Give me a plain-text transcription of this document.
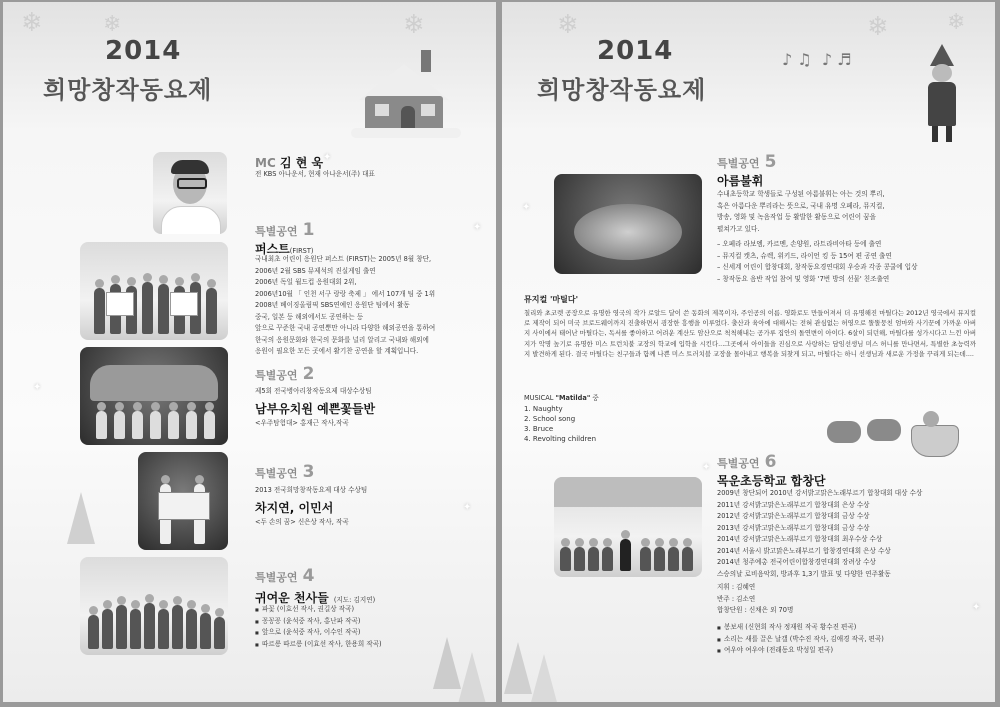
❄	❄	❄
✦
✦
✦
✦
2014
희망창작동요제
MC 김 현 욱
전 KBS 아나운서, 현재 아나운서(주) 대표
특별공연 1
퍼스트(FIRST)
국내최초 어린이 응원단 퍼스트 (FIRST)는 2005년 8월 창단,
2006년 2월 SBS 뮤제석의 진실게임 출연
2006년 독일 월드컵 응원대회 2위,
2006년10월 「 인천 서구 랑랑 축제 」 에서 107개 팀 중 1위
2008년 베이징올림픽 SBS연예인 응원단 팀에서 활동
중국, 일본 등 해외에서도 공연하는 등
앞으로 꾸준한 국내 공연뿐만 아니라 다양한 해외공연을 통하여
한국의 응원문화와 한국의 문화를 널리 알리고 국내와 해외에
응원이 필요한 모든 곳에서 활기찬 공연을 할 계획입니다.
특별공연 2
제5회 전국병아리창작동요제 대상수상팀
남부유치원 예쁜꽃들반
<우주탐험대> 홍재근 작사,작곡
특별공연 3
2013 전국희망창작동요제 대상 수상팀
차지연, 이민서
<두 손의 꿈> 신은상 작사, 작곡
특별공연 4
귀여운 천사들 (지도: 김지연)
■ 파꽃 (이효선 작사, 권길상 작곡)
■ 꽁꽁꽁 (윤석중 작사, 홍난파 작곡)
■ 앞으로 (윤석중 작사, 이수인 작곡)
■ 따르릉 따르릉 (이효선 작사, 한용희 작곡)
❄	❄	❄
✦
✦
✦
2014
희망창작동요제
♪ ♫  ♪ ♬
특별공연 5
아름불휘
수내초등학교 학생들로 구성된 아름불휘는 아는 것의 뿌리,
혹은 아름다운 뿌리라는 뜻으로, 국내 유명 오페라, 뮤지컬,
방송, 영화 및 녹음작업 등 활발한 활동으로 어린이 꿈을
펼쳐가고 있다.
– 오페라 라보엠, 카르멘, 손양원, 라트라비아타 등에 출연
– 뮤지컬 캣츠, 슈렉, 위키드, 라이언 킹 등 15여 편 공연 출연
– 신세계 어린이 합창대회, 창작동요경연대회 우승과 각종 콩쿨에 입상
– 창작동요 음반 작업 참여 및 영화 '7번 방의 선물' 친조출연
뮤지컬 '마틸다'
칠리와 초코렛 공장으로 유명한 영국의 작가 로알드 달이 쓴 동화의 제목이자, 주인공의 이름. 영화로도 만들어져서 더 유명해진 마틸다는 2012년 영국에서 뮤지컬로 제작이 되어 미국 브로드웨이까지 진출하면서 굉장한 흥행을 이루었다. 출산과 육아에 대해서는 전혀 관심없는 허영으로 똘똘뭉친 엄마와 사기꾼에 가까운 아버지 사이에서 태어난 마틸다는, 독서를 좋아하고 어려운 계산도 암산으로 척척해내는 공가루 집안의 돌연변이 아이다. 6살이 되던해, 마틸다를 성가시다고 느낀 아버지가 악명 높기로 유명한 미스 트런치불 교장의 학교에 입학을 시킨다...그곳에서 아이들을 진심으로 사랑하는 담임선생님 미스 허니를 만나면서, 특별한 초능력까지 발견하게 된다. 결국 마틸다는 친구들과 함께 나쁜 미스 트러치블 교장을 몰아내고 행복을 되찾게 되고, 마틸다는 하니 선생님과 새로운 가정을 꾸리게 되는데....
MUSICAL "Matilda" 중
1. Naughty
2. School song
3. Bruce
4. Revolting children
특별공연 6
목운초등학교 합창단
2009년 창단되어 2010년 강서밝고맑은노래부르기 합창대회 대상 수상
2011년 강서밝고맑은노래부르기 합창대회 은상 수상
2012년 강서밝고맑은노래부르기 합창대회 금상 수상
2013년 강서밝고맑은노래부르기 합창대회 금상 수상
2014년 강서밝고맑은노래부르기 합창대회 최우수상 수상
2014년 서울시 밝고맑은노래부르기 합창경연대회 은상 수상
2014년 청주예총 전국어린이합창경연대회 장려상 수상
스승의날 로비음악회, 방과후 1,3기 발표 및 다양한 연주활동
지휘 : 김혜연
반주 : 김소연
합창단원 : 신채은 외 70명
■ 봉보새 (신현희 작사 정재원 작곡 황수진 편곡)
■ 소리는 새를 끌은 날갤 (박수진 작사, 김애경 작곡, 편곡)
■ 여우야 여우야 (전래동요 박성일 편곡)
